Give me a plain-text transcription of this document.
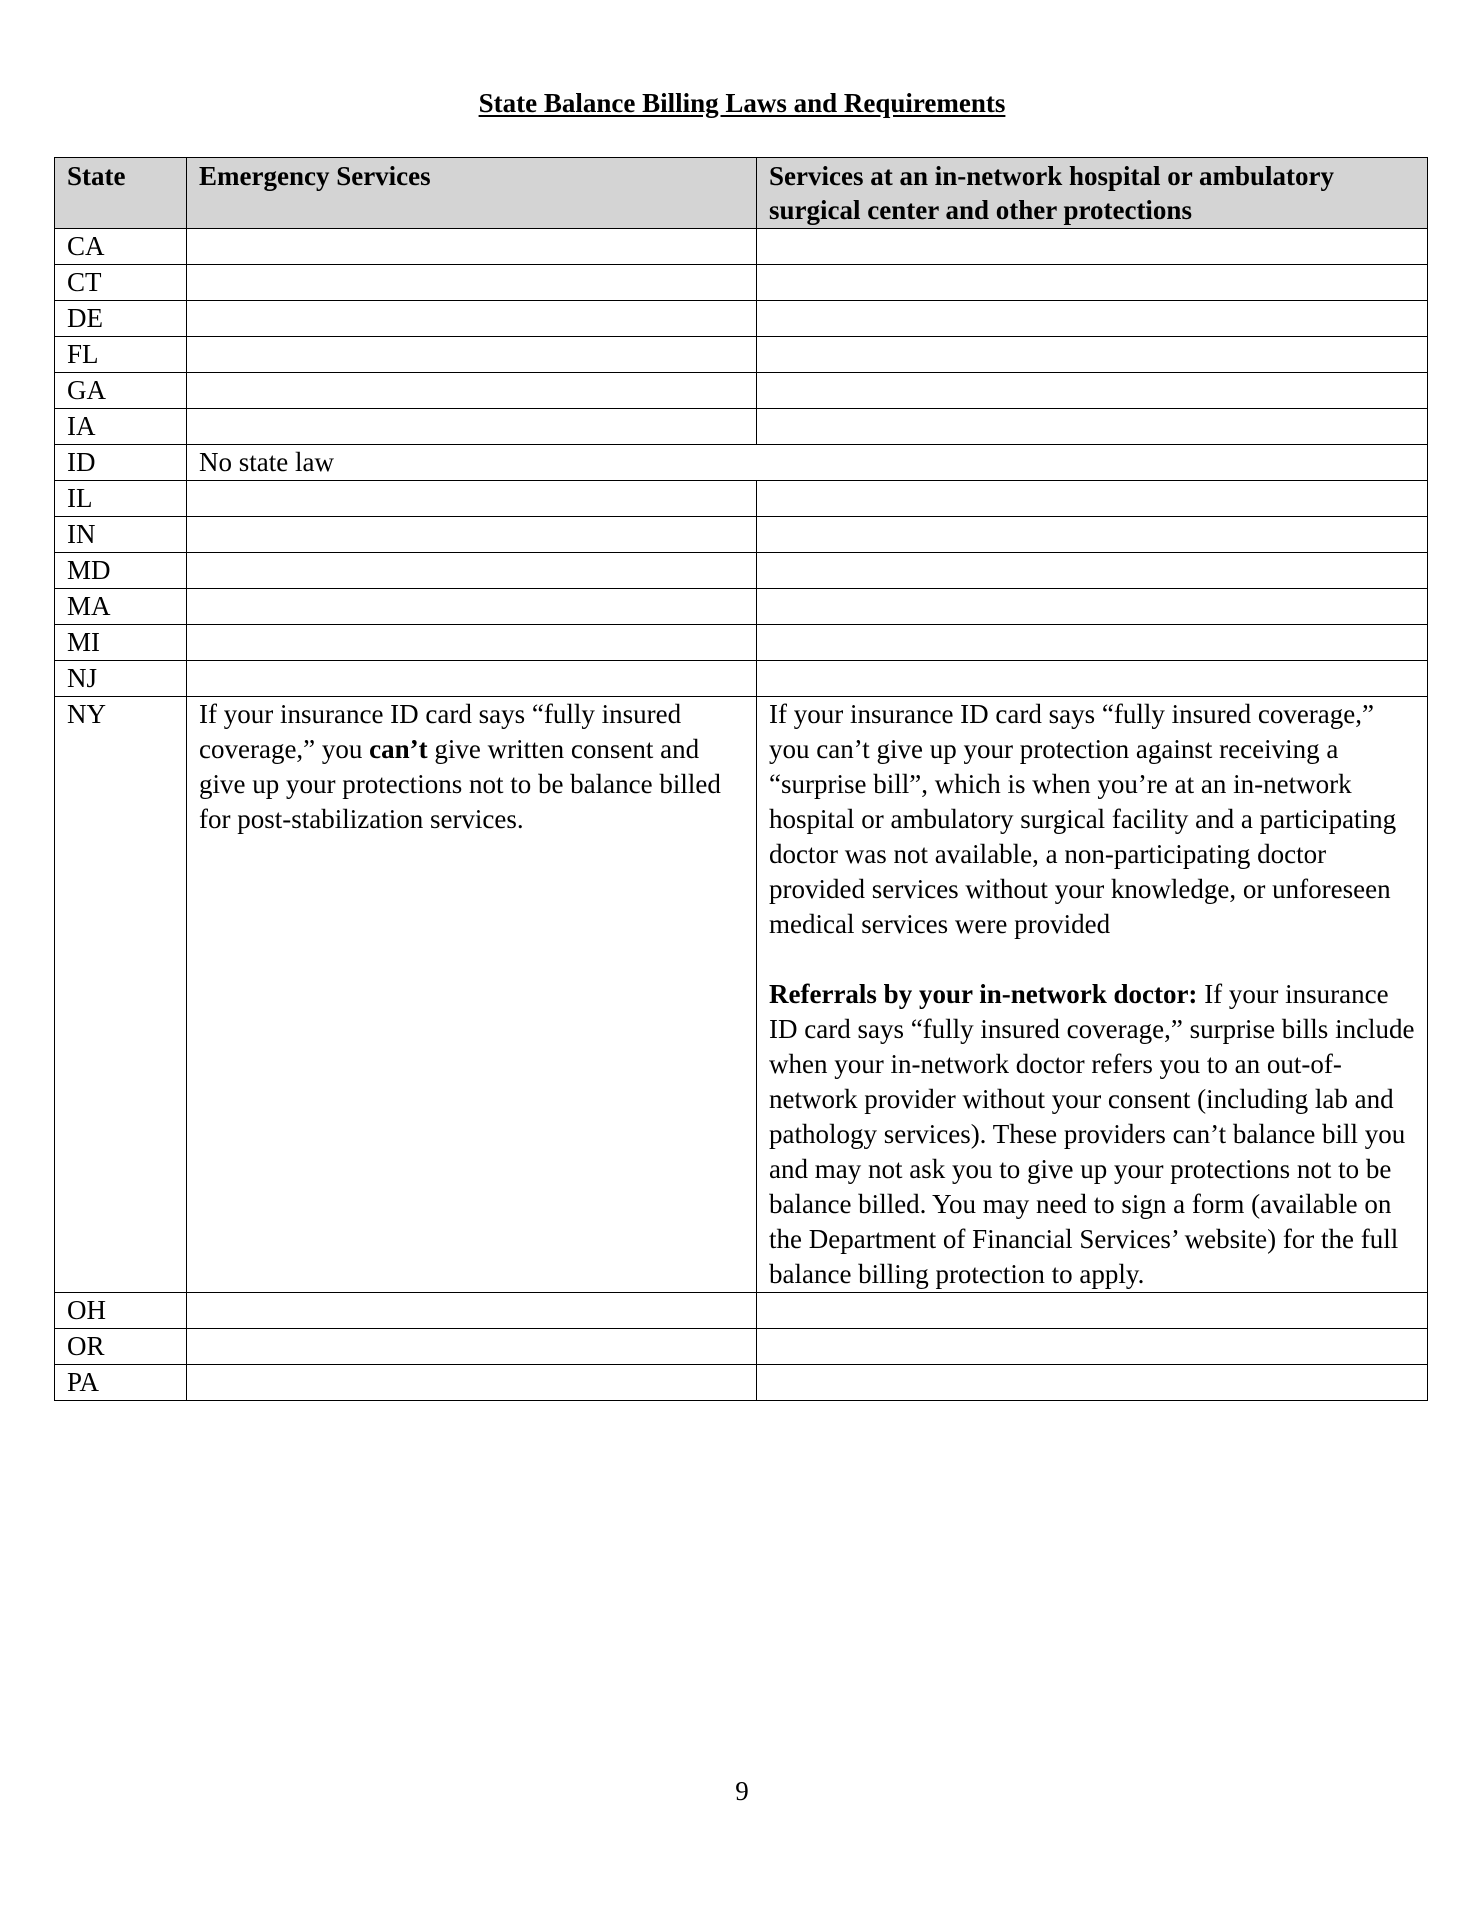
State Balance Billing Laws and Requirements
State	Emergency Services	Services at an in-network hospital or ambulatory surgical center and other protections
CA		
CT		
DE		
FL		
GA		
IA		
ID	No state law	
IL		
IN		
MD		
MA		
MI		
NJ		
NY	If your insurance ID card says “fully insured coverage,” you can’t give written consent and give up your protections not to be balance billed for post-stabilization services.	If your insurance ID card says “fully insured coverage,” you can’t give up your protection against receiving a “surprise bill”, which is when you’re at an in-network hospital or ambulatory surgical facility and a participating doctor was not available, a non-participating doctor provided services without your knowledge, or unforeseen medical services were provided
Referrals by your in-network doctor: If your insurance ID card says “fully insured coverage,” surprise bills include when your in-network doctor refers you to an out-of-network provider without your consent (including lab and pathology services). These providers can’t balance bill you and may not ask you to give up your protections not to be balance billed. You may need to sign a form (available on the Department of Financial Services’ website) for the full balance billing protection to apply.

OH		
OR		
PA		
9
